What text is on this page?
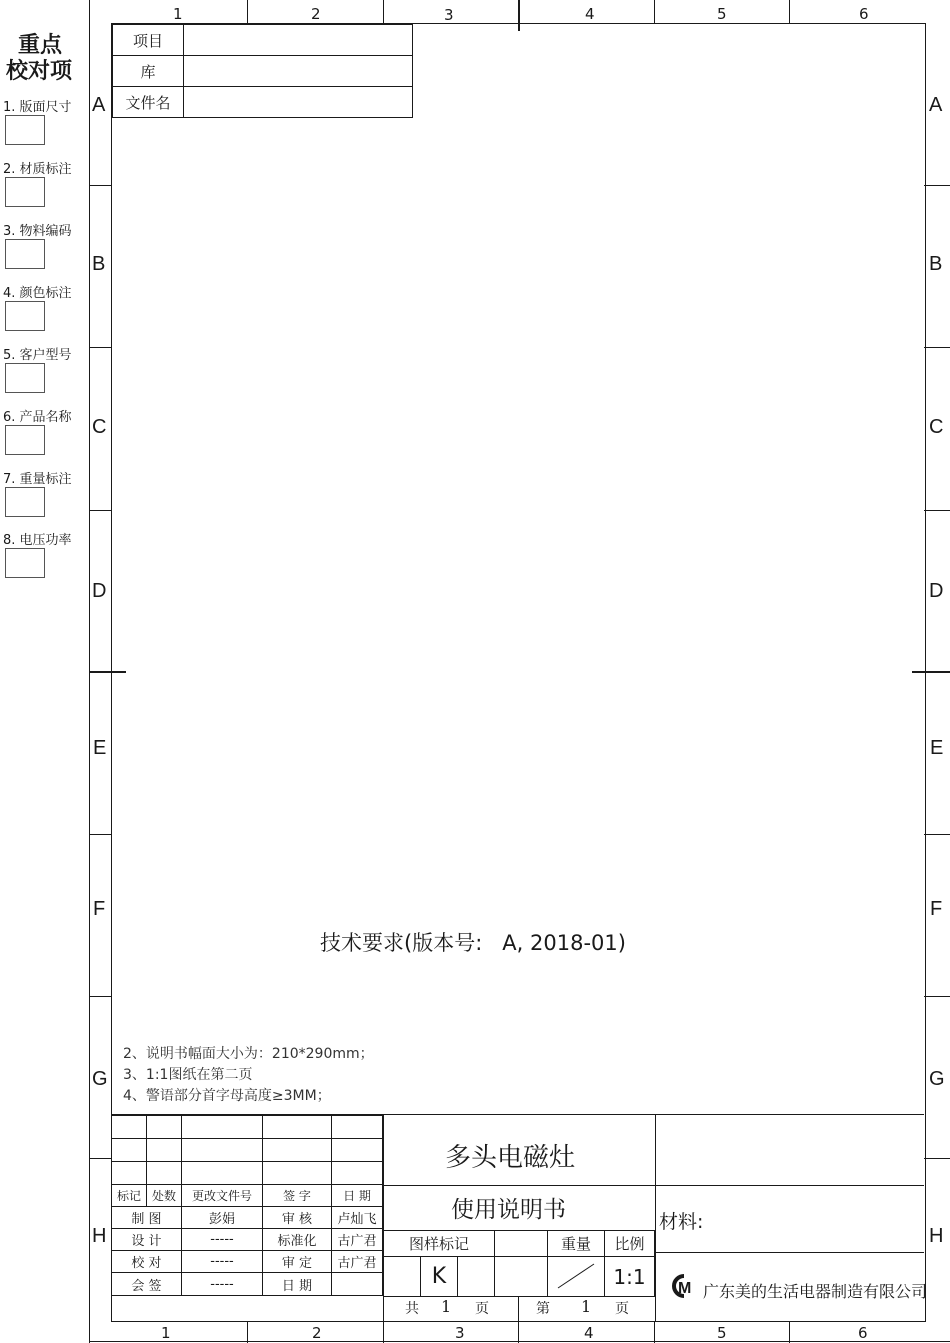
重点
校对项
1. 版面尺寸
2. 材质标注
3. 物料编码
4. 颜色标注
5. 客户型号
6. 产品名称
7. 重量标注
8. 电压功率
1	2	3	4	5	6
1	2	3	4	5	6
A
B
C
D
E
F
G
H
A
B
C
D
E
F
G
H
项目	
库	
文件名	
技术要求(版本号:   A, 2018-01)
2、说明书幅面大小为：210*290mm；
3、1:1图纸在第二页
4、警语部分首字母高度≥3MM；

标记	处数	更改文件号	签 字	日 期
制 图		彭娟	审 核	卢灿飞
设 计		-----	标准化	古广君
校 对		-----	审 定	古广君
会 签		-----	日 期	
多头电磁灶
使用说明书
图样标记				重量	比例
	K				1:1
共 1 页	第 1 页
材料:
M 广东美的生活电器制造有限公司
